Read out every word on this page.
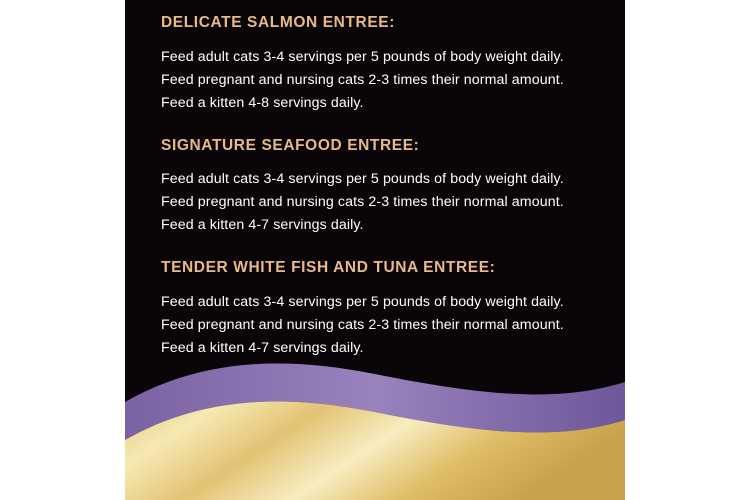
DELICATE SALMON ENTREE:
Feed adult cats 3-4 servings per 5 pounds of body weight daily.
Feed pregnant and nursing cats 2-3 times their normal amount.
Feed a kitten 4-8 servings daily.
SIGNATURE SEAFOOD ENTREE:
Feed adult cats 3-4 servings per 5 pounds of body weight daily.
Feed pregnant and nursing cats 2-3 times their normal amount.
Feed a kitten 4-7 servings daily.
TENDER WHITE FISH AND TUNA ENTREE:
Feed adult cats 3-4 servings per 5 pounds of body weight daily.
Feed pregnant and nursing cats 2-3 times their normal amount.
Feed a kitten 4-7 servings daily.
